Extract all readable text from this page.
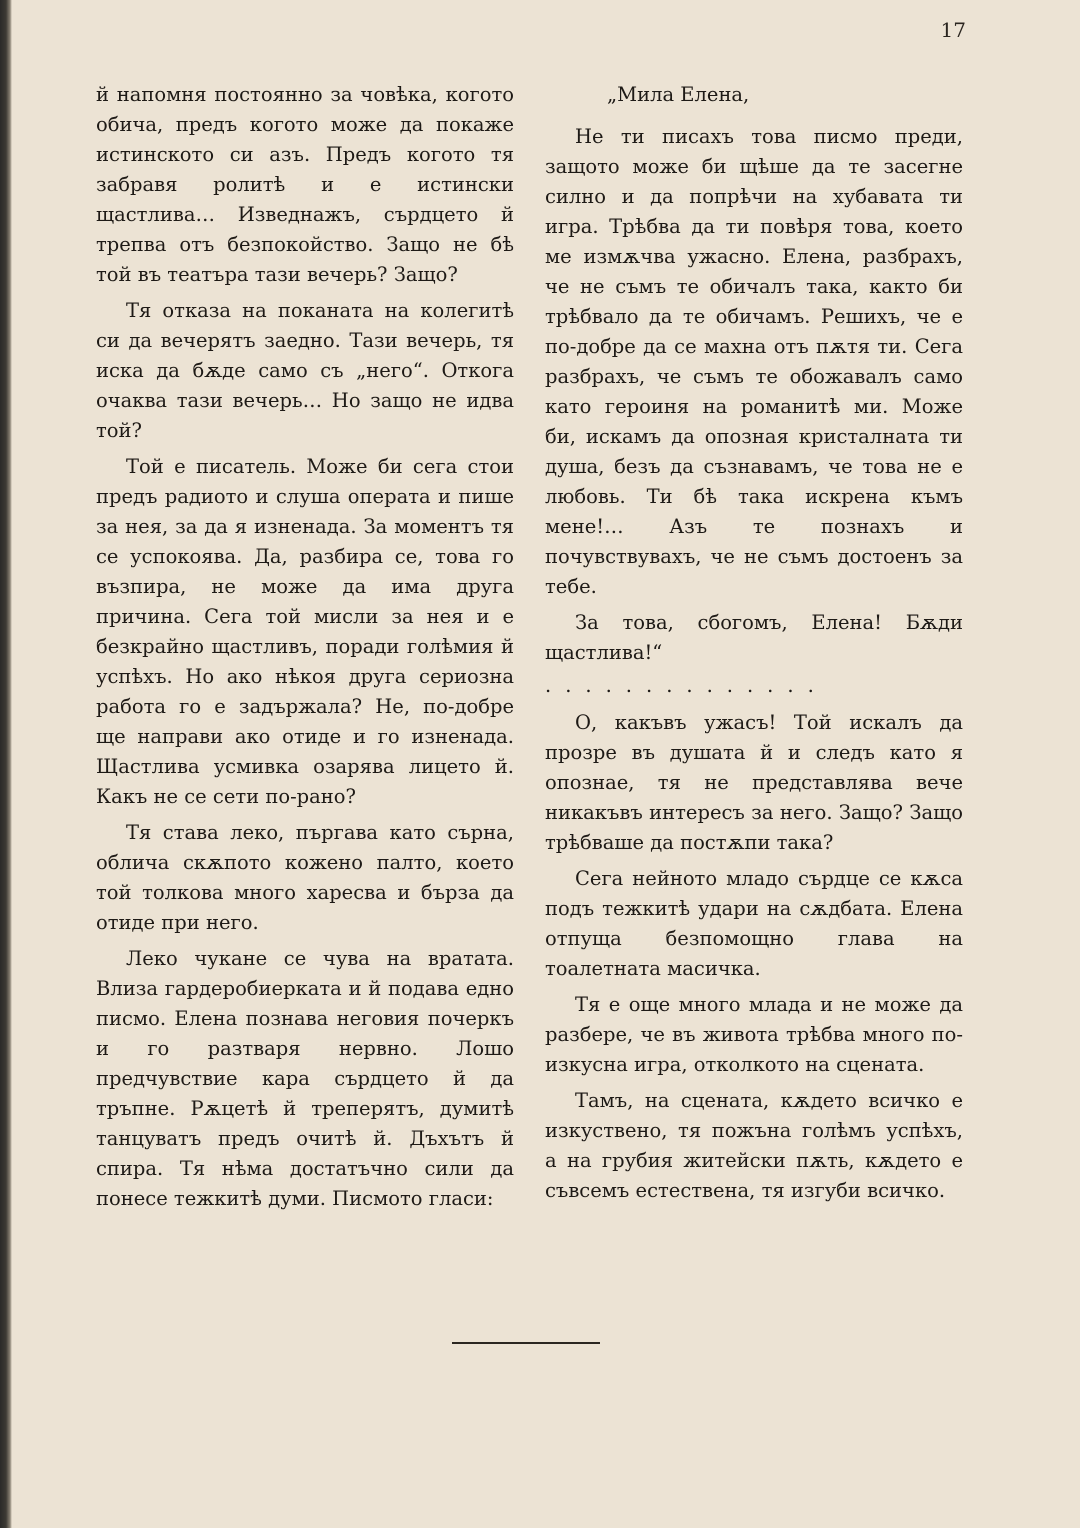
17

й напомня постоянно за човѣка, когото обича, предъ когото може да покаже истинското си азъ. Предъ когото тя забравя ролитѣ и е истински щастлива… Изведнажъ, сърдцето й трепва отъ безпокойство. Защо не бѣ той въ театъра тази вечерь? Защо?

Тя отказа на поканата на колегитѣ си да вечерятъ заедно. Тази вечерь, тя иска да бѫде само съ „него“. Откога очаква тази вечерь… Но защо не идва той?

Той е писатель. Може би сега стои предъ радиото и слуша операта и пише за нея, за да я изненада. За моментъ тя се успокоява. Да, разбира се, това го възпира, не може да има друга причина. Сега той мисли за нея и е безкрайно щастливъ, поради голѣмия й успѣхъ. Но ако нѣкоя друга сериозна работа го е задържала? Не, по-добре ще направи ако отиде и го изненада. Щастлива усмивка озарява лицето й. Какъ не се сети по-рано?

Тя става леко, пъргава като сърна, облича скѫпото кожено палто, което той толкова много харесва и бърза да отиде при него.

Леко чукане се чува на вратата. Влиза гардеробиерката и й подава едно писмо. Елена познава неговия почеркъ и го разтваря нервно. Лошо предчувствие кара сърдцето й да тръпне. Рѫцетѣ й треперятъ, думитѣ танцуватъ предъ очитѣ й. Дъхътъ й спира. Тя нѣма достатъчно сили да понесе тежкитѣ думи. Писмото гласи:

„Мила Елена,

Не ти писахъ това писмо преди, защото може би щѣше да те засегне силно и да попрѣчи на хубавата ти игра. Трѣбва да ти повѣря това, което ме измѫчва ужасно. Елена, разбрахъ, че не съмъ те обичалъ така, както би трѣбвало да те обичамъ. Решихъ, че е по-добре да се махна отъ пѫтя ти. Сега разбрахъ, че съмъ те обожавалъ само като героиня на романитѣ ми. Може би, искамъ да опозная кристалната ти душа, безъ да съзнавамъ, че това не е любовь. Ти бѣ така искрена къмъ мене!… Азъ те познахъ и почувствувахъ, че не съмъ достоенъ за тебе.

За това, сбогомъ, Елена! Бѫди щастлива!“

..............

О, какъвъ ужасъ! Той искалъ да прозре въ душата й и следъ като я опознае, тя не представлява вече никакъвъ интересъ за него. Защо? Защо трѣбваше да постѫпи така?

Сега нейното младо сърдце се кѫса подъ тежкитѣ удари на сѫдбата. Елена отпуща безпомощно глава на тоалетната масичка.

Тя е още много млада и не може да разбере, че въ живота трѣбва много по-изкусна игра, отколкото на сцената.

Тамъ, на сцената, кѫдето всичко е изкуствено, тя пожъна голѣмъ успѣхъ, а на грубия житейски пѫть, кѫдето е съвсемъ естествена, тя изгуби всичко.
